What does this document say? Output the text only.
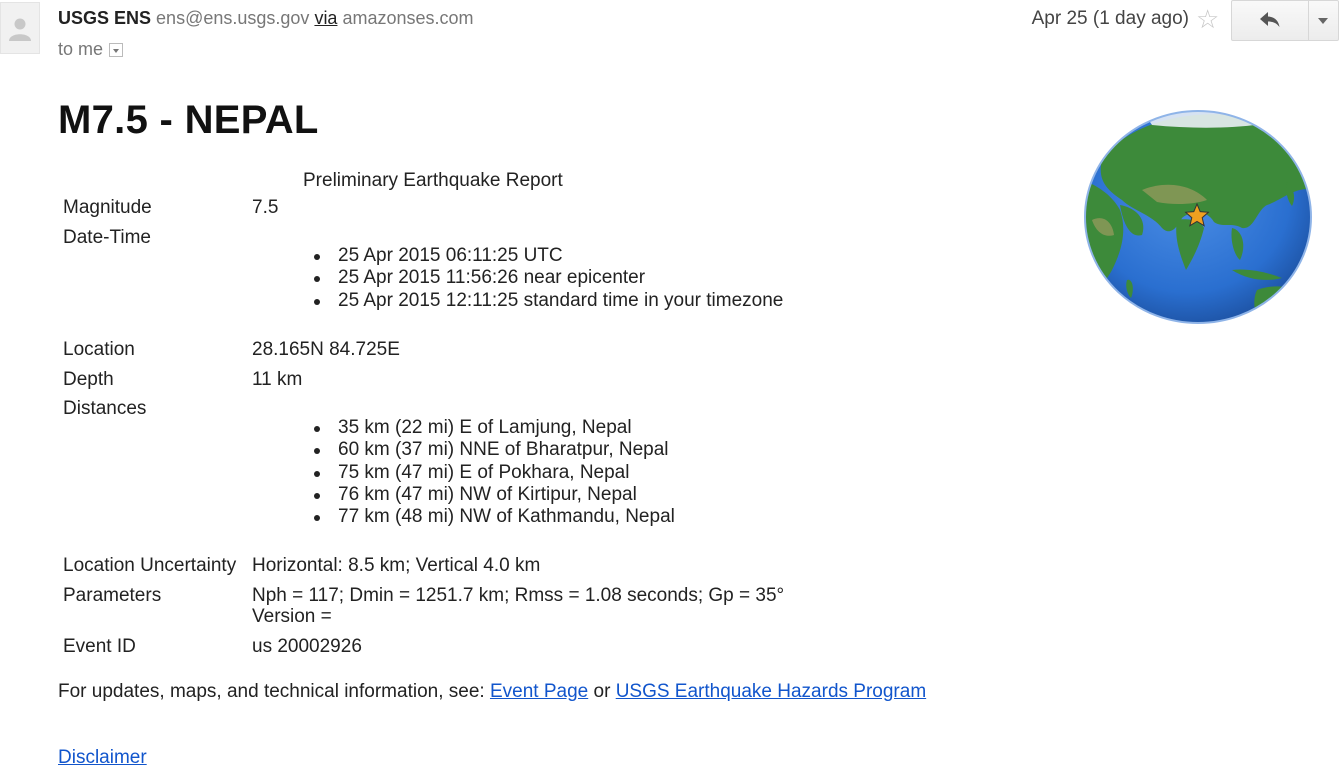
USGS ENS ens@ens.usgs.gov via amazonses.com
to me
Apr 25 (1 day ago) ☆
M7.5 - NEPAL
Preliminary Earthquake Report
Magnitude	7.5
Date-Time
25 Apr 2015 06:11:25 UTC
25 Apr 2015 11:56:26 near epicenter
25 Apr 2015 12:11:25 standard time in your timezone
Location	28.165N 84.725E
Depth	11 km
Distances
35 km (22 mi) E of Lamjung, Nepal
60 km (37 mi) NNE of Bharatpur, Nepal
75 km (47 mi) E of Pokhara, Nepal
76 km (47 mi) NW of Kirtipur, Nepal
77 km (48 mi) NW of Kathmandu, Nepal
Location Uncertainty Horizontal: 8.5 km; Vertical 4.0 km
Parameters	Nph = 117; Dmin = 1251.7 km; Rmss = 1.08 seconds; Gp = 35°
Version =
Event ID	us 20002926
For updates, maps, and technical information, see: Event Page or USGS Earthquake Hazards Program
Disclaimer
